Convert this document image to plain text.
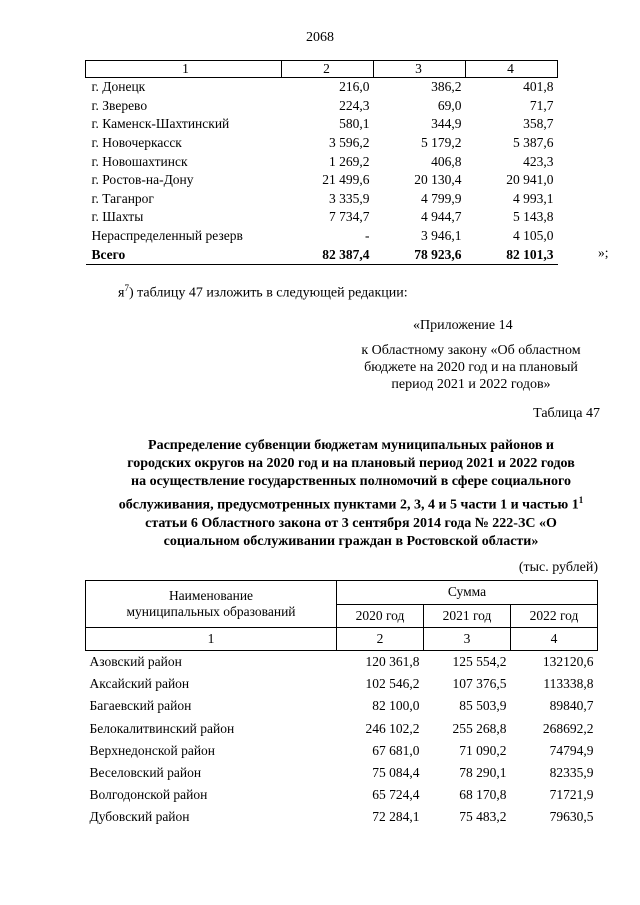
2068
1	2	3	4
г. Донецк	216,0	386,2	401,8
г. Зверево	224,3	69,0	71,7
г. Каменск-Шахтинский	580,1	344,9	358,7
г. Новочеркасск	3 596,2	5 179,2	5 387,6
г. Новошахтинск	1 269,2	406,8	423,3
г. Ростов-на-Дону	21 499,6	20 130,4	20 941,0
г. Таганрог	3 335,9	4 799,9	4 993,1
г. Шахты	7 734,7	4 944,7	5 143,8
Нераспределенный резерв	-	3 946,1	4 105,0
Всего	82 387,4	78 923,6	82 101,3	»;
$я^7$) таблицу 47 изложить в следующей редакции:
«Приложение 14
к Областному закону «Об областном
бюджете на 2020 год и на плановый
период 2021 и 2022 годов»
Таблица 47
Распределение субвенции бюджетам муниципальных районов и
городских округов на 2020 год и на плановый период 2021 и 2022 годов
на осуществление государственных полномочий в сфере социального
обслуживания, предусмотренных пунктами 2, 3, 4 и 5 части 1 и частью $1^1$
статьи 6 Областного закона от 3 сентября 2014 года № 222-ЗС «О
социальном обслуживании граждан в Ростовской области»
(тыс. рублей)
Наименование
муниципальных образований	Сумма		
	2020 год	2021 год	2022 год
1	2	3	4
Азовский район	120 361,8	125 554,2	132120,6
Аксайский район	102 546,2	107 376,5	113338,8
Багаевский район	82 100,0	85 503,9	89840,7
Белокалитвинский район	246 102,2	255 268,8	268692,2
Верхнедонской район	67 681,0	71 090,2	74794,9
Веселовский район	75 084,4	78 290,1	82335,9
Волгодонской район	65 724,4	68 170,8	71721,9
Дубовский район	72 284,1	75 483,2	79630,5
